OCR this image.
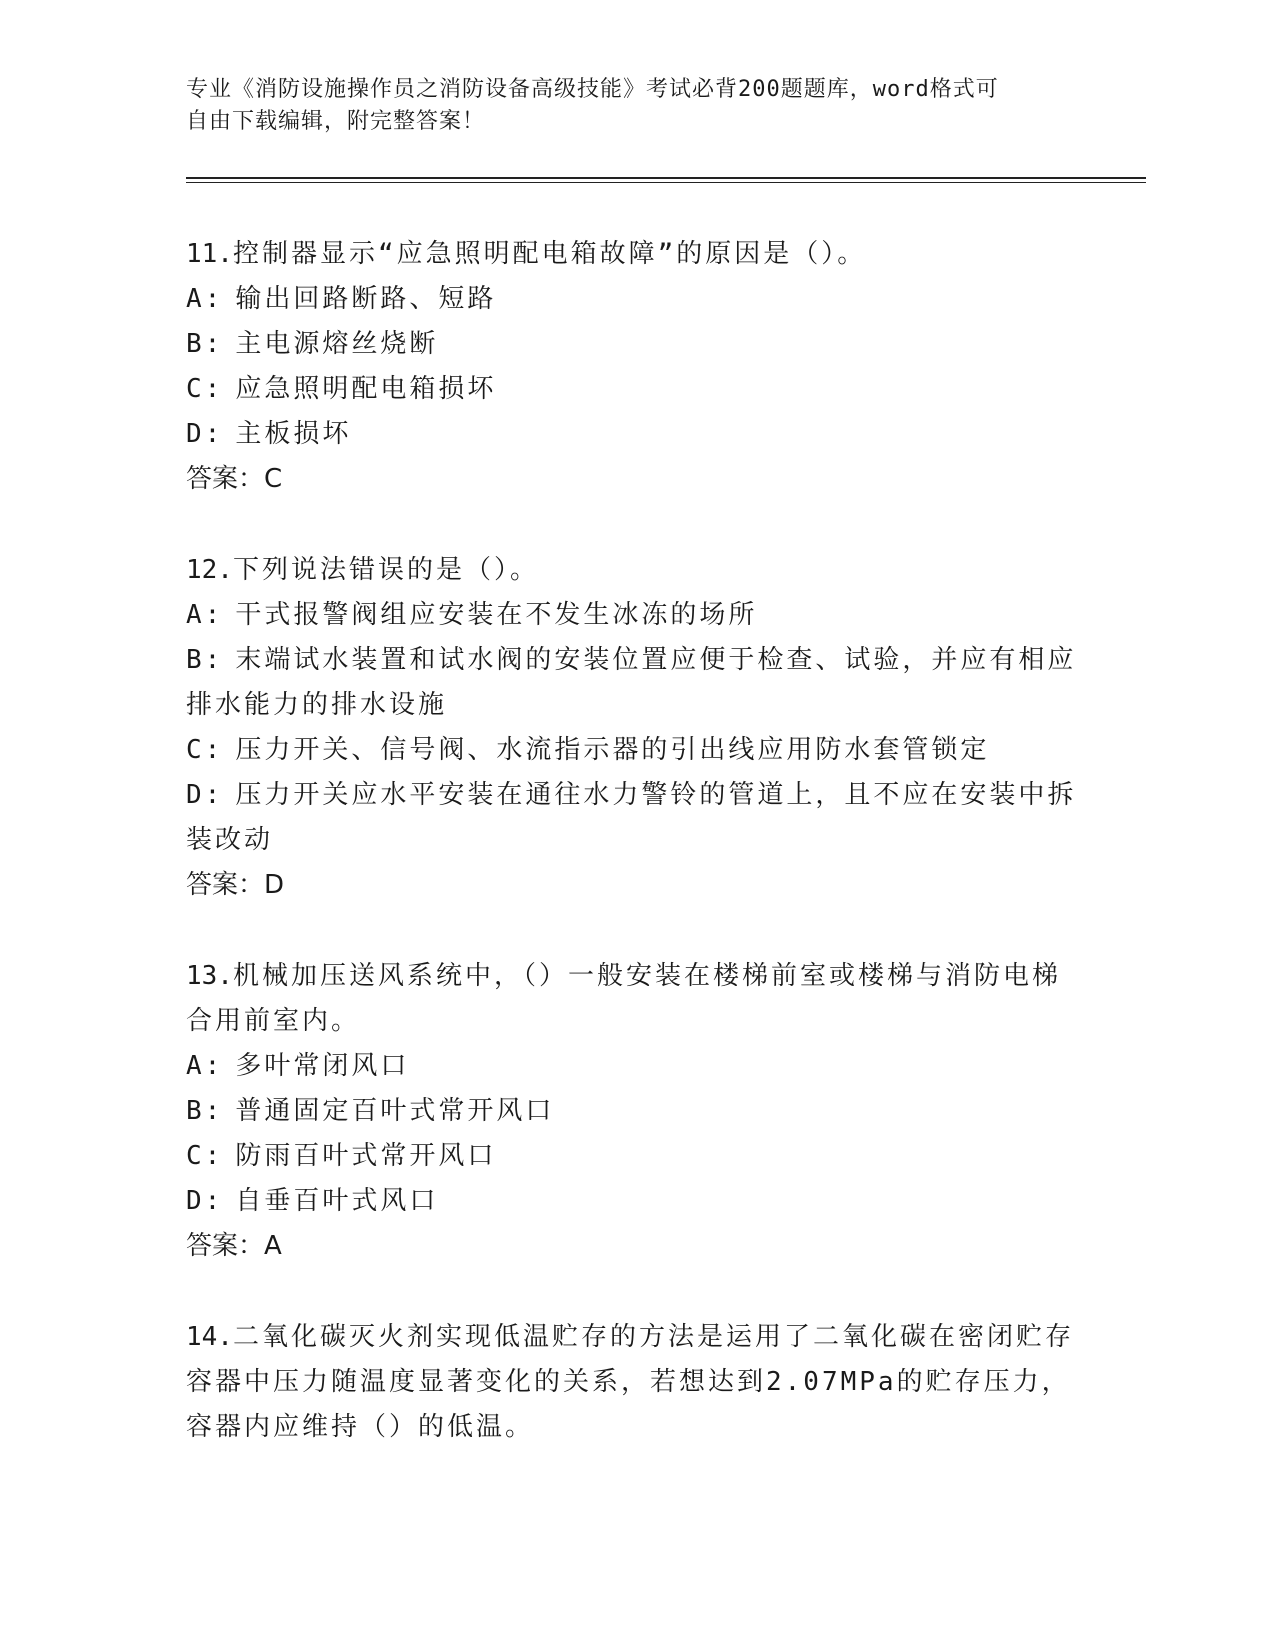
专业《消防设施操作员之消防设备高级技能》考试必背200题题库，word格式可
自由下载编辑，附完整答案！
11.控制器显示“应急照明配电箱故障”的原因是（）。
A: 输出回路断路、短路
B: 主电源熔丝烧断
C: 应急照明配电箱损坏
D: 主板损坏
答案：C
12.下列说法错误的是（）。
A: 干式报警阀组应安装在不发生冰冻的场所
B: 末端试水装置和试水阀的安装位置应便于检查、试验，并应有相应排水能力的排水设施
C: 压力开关、信号阀、水流指示器的引出线应用防水套管锁定
D: 压力开关应水平安装在通往水力警铃的管道上，且不应在安装中拆装改动
答案：D
13.机械加压送风系统中，（）一般安装在楼梯前室或楼梯与消防电梯合用前室内。
A: 多叶常闭风口
B: 普通固定百叶式常开风口
C: 防雨百叶式常开风口
D: 自垂百叶式风口
答案：A
14.二氧化碳灭火剂实现低温贮存的方法是运用了二氧化碳在密闭贮存容器中压力随温度显著变化的关系，若想达到2.07MPa的贮存压力，容器内应维持（）的低温。
